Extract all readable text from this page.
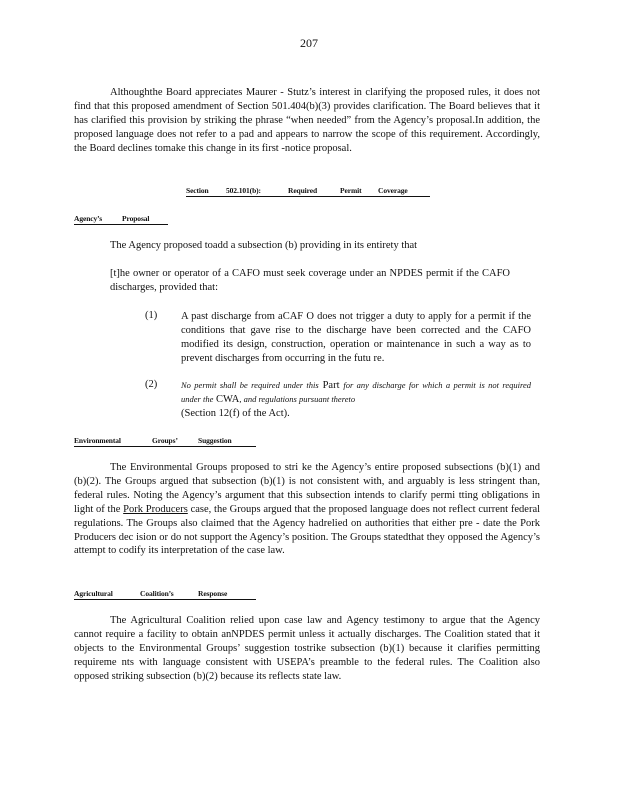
207

Althoughthe Board appreciates Maurer - Stutz’s interest in clarifying the proposed rules, it does not find that this proposed amendment of Section 501.404(b)(3) provides clarification. The Board believes that it has clarified this provision by striking the phrase “when needed” from the Agency’s proposal.In addition, the proposed language does not refer to a pad and appears to narrow the scope of this requirement. Accordingly, the Board declines tomake this change in its first -notice proposal.

Section 502.101(b):	Required	Permit Coverage
Agency’s	Proposal

The Agency proposed toadd a subsection (b) providing in its entirety that

[t]he owner or operator of a CAFO must seek coverage under an NPDES permit if the CAFO discharges, provided that:

(1) A past discharge from aCAF O does not trigger a duty to apply for a permit if the conditions that gave rise to the discharge have been corrected and the CAFO modified its design, construction, operation or maintenance in such a way as to prevent discharges from occurring in the futu re.

(2)	No permit shall be required under this Part for any discharge for which a permit is not required under the CWA, and regulations pursuant thereto
(Section 12(f) of the Act).

Environmental	Groups’	Suggestion

The Environmental Groups proposed to stri ke the Agency’s entire proposed subsections (b)(1) and (b)(2). The Groups argued that subsection (b)(1) is not consistent with, and arguably is less stringent than, federal rules. Noting the Agency’s argument that this subsection intends to clarify permi tting obligations in light of the Pork Producers case, the Groups argued that the proposed language does not reflect current federal regulations. The Groups also claimed that the Agency hadrelied on authorities that either pre - date the Pork Producers dec ision or do not support the Agency’s position. The Groups statedthat they opposed the Agency’s attempt to codify its interpretation of the case law.

Agricultural	Coalition’s	Response

The Agricultural Coalition relied upon case law and Agency testimony to argue that the Agency cannot require a facility to obtain anNPDES permit unless it actually discharges. The Coalition stated that it objects to the Environmental Groups’ suggestion tostrike subsection (b)(1) because it clarifies permitting requireme nts with language consistent with USEPA’s preamble to the federal rules. The Coalition also opposed striking subsection (b)(2) because its reflects state law.
